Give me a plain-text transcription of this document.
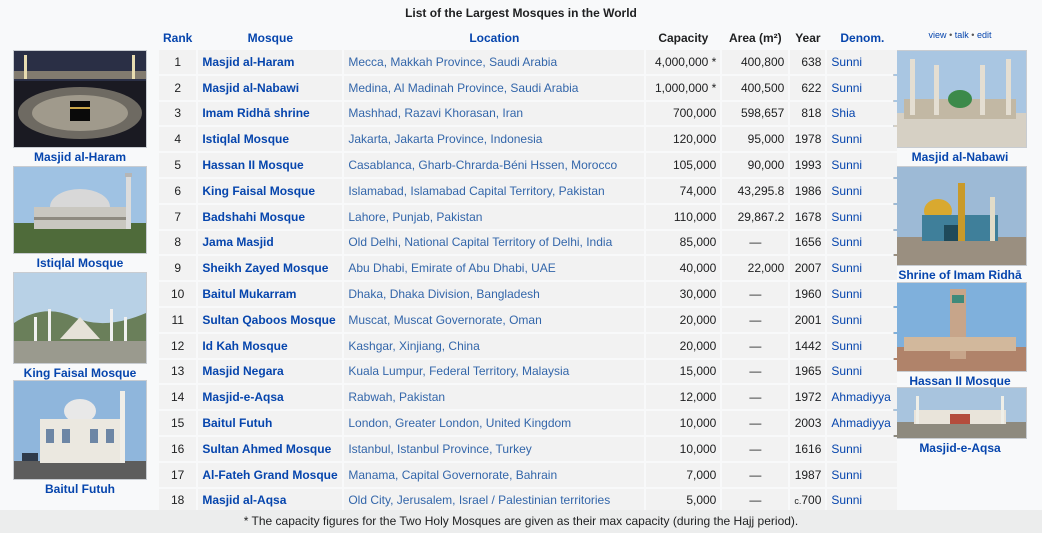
List of the Largest Mosques in the World
view • talk • edit
Masjid al-Haram
Istiqlal Mosque
King Faisal Mosque
Baitul Futuh
Masjid al-Nabawi
Shrine of Imam Ridhā
Hassan II Mosque
Masjid-e-Aqsa
Rank	Mosque	Location	Capacity	Area (m²)	Year	Denom.
1	Masjid al-Haram	Mecca, Makkah Province, Saudi Arabia	4,000,000 *	400,800	638	Sunni
2	Masjid al-Nabawi	Medina, Al Madinah Province, Saudi Arabia	1,000,000 *	400,500	622	Sunni
3	Imam Ridhā shrine	Mashhad, Razavi Khorasan, Iran	700,000	598,657	818	Shia
4	Istiqlal Mosque	Jakarta, Jakarta Province, Indonesia	120,000	95,000	1978	Sunni
5	Hassan II Mosque	Casablanca, Gharb-Chrarda-Béni Hssen, Morocco	105,000	90,000	1993	Sunni
6	King Faisal Mosque	Islamabad, Islamabad Capital Territory, Pakistan	74,000	43,295.8	1986	Sunni
7	Badshahi Mosque	Lahore, Punjab, Pakistan	110,000	29,867.2	1678	Sunni
8	Jama Masjid	Old Delhi, National Capital Territory of Delhi, India	85,000	—	1656	Sunni
9	Sheikh Zayed Mosque	Abu Dhabi, Emirate of Abu Dhabi, UAE	40,000	22,000	2007	Sunni
10	Baitul Mukarram	Dhaka, Dhaka Division, Bangladesh	30,000	—	1960	Sunni
11	Sultan Qaboos Mosque	Muscat, Muscat Governorate, Oman	20,000	—	2001	Sunni
12	Id Kah Mosque	Kashgar, Xinjiang, China	20,000	—	1442	Sunni
13	Masjid Negara	Kuala Lumpur, Federal Territory, Malaysia	15,000	—	1965	Sunni
14	Masjid-e-Aqsa	Rabwah, Pakistan	12,000	—	1972	Ahmadiyya
15	Baitul Futuh	London, Greater London, United Kingdom	10,000	—	2003	Ahmadiyya
16	Sultan Ahmed Mosque	Istanbul, Istanbul Province, Turkey	10,000	—	1616	Sunni
17	Al-Fateh Grand Mosque	Manama, Capital Governorate, Bahrain	7,000	—	1987	Sunni
18	Masjid al-Aqsa	Old City, Jerusalem, Israel / Palestinian territories	5,000	—	c.700	Sunni
* The capacity figures for the Two Holy Mosques are given as their max capacity (during the Hajj period).
